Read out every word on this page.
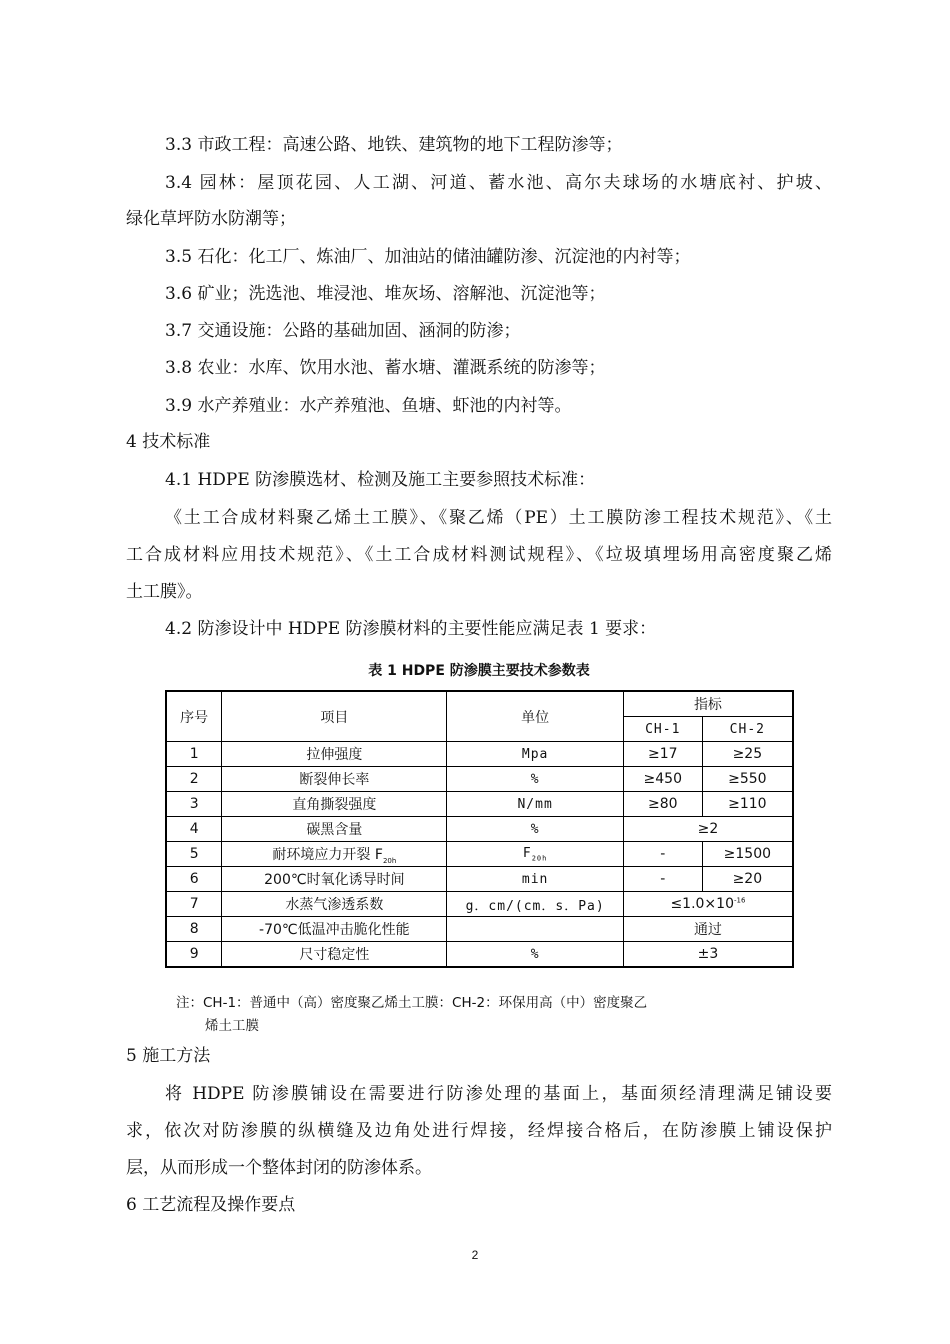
3.3 市政工程：高速公路、地铁、建筑物的地下工程防渗等；
3.4 园林：屋顶花园、人工湖、河道、蓄水池、高尔夫球场的水塘底衬、护坡、
绿化草坪防水防潮等；
3.5 石化：化工厂、炼油厂、加油站的储油罐防渗、沉淀池的内衬等；
3.6 矿业；洗选池、堆浸池、堆灰场、溶解池、沉淀池等；
3.7 交通设施：公路的基础加固、涵洞的防渗；
3.8 农业：水库、饮用水池、蓄水塘、灌溉系统的防渗等；
3.9 水产养殖业：水产养殖池、鱼塘、虾池的内衬等。
4 技术标准
4.1 HDPE 防渗膜选材、检测及施工主要参照技术标准：
《土工合成材料聚乙烯土工膜》、《聚乙烯（PE）土工膜防渗工程技术规范》、《土
工合成材料应用技术规范》、《土工合成材料测试规程》、《垃圾填埋场用高密度聚乙烯
土工膜》。
4.2 防渗设计中 HDPE 防渗膜材料的主要性能应满足表 1 要求：
表 1 HDPE 防渗膜主要技术参数表
序号	项目	单位	指标	
			CH-1	CH-2
1	拉伸强度	Mpa	≥17	≥25
2	断裂伸长率	%	≥450	≥550
3	直角撕裂强度	N/mm	≥80	≥110
4	碳黑含量	%	≥2	
5	耐环境应力开裂 $F_{20h}$	$F_{20h}$	-	≥1500
6	200℃时氧化诱导时间	min	-	≥20
7	水蒸气渗透系数	g．cm/(cm．s．Pa)	$\le 1.0\times 10^{-16}$
8	-70℃低温冲击脆化性能		通过	
9	尺寸稳定性	%	±3	
注：CH-1：普通中（高）密度聚乙烯土工膜：CH-2：环保用高（中）密度聚乙
烯土工膜
5 施工方法
将 HDPE 防渗膜铺设在需要进行防渗处理的基面上，基面须经清理满足铺设要
求，依次对防渗膜的纵横缝及边角处进行焊接，经焊接合格后，在防渗膜上铺设保护
层，从而形成一个整体封闭的防渗体系。
6 工艺流程及操作要点
2
